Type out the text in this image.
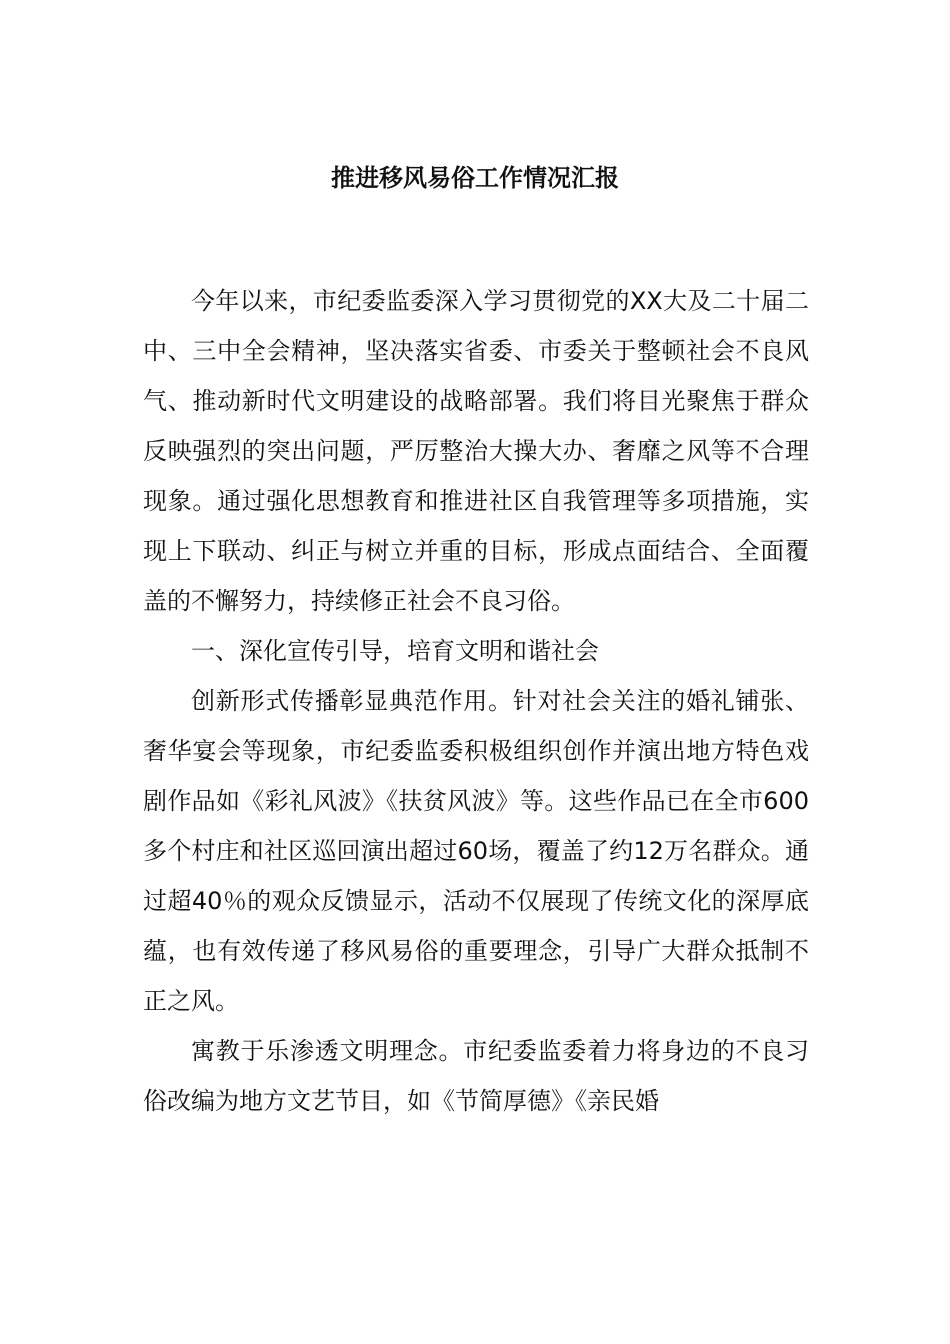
推进移风易俗工作情况汇报

今年以来，市纪委监委深入学习贯彻党的XX大及二十届二中、三中全会精神，坚决落实省委、市委关于整顿社会不良风气、推动新时代文明建设的战略部署。我们将目光聚焦于群众反映强烈的突出问题，严厉整治大操大办、奢靡之风等不合理现象。通过强化思想教育和推进社区自我管理等多项措施，实现上下联动、纠正与树立并重的目标，形成点面结合、全面覆盖的不懈努力，持续修正社会不良习俗。

一、深化宣传引导，培育文明和谐社会

创新形式传播彰显典范作用。针对社会关注的婚礼铺张、奢华宴会等现象，市纪委监委积极组织创作并演出地方特色戏剧作品如《彩礼风波》《扶贫风波》等。这些作品已在全市600多个村庄和社区巡回演出超过60场，覆盖了约12万名群众。通过超40％的观众反馈显示，活动不仅展现了传统文化的深厚底蕴，也有效传递了移风易俗的重要理念，引导广大群众抵制不正之风。

寓教于乐渗透文明理念。市纪委监委着力将身边的不良习俗改编为地方文艺节目，如《节简厚德》《亲民婚
